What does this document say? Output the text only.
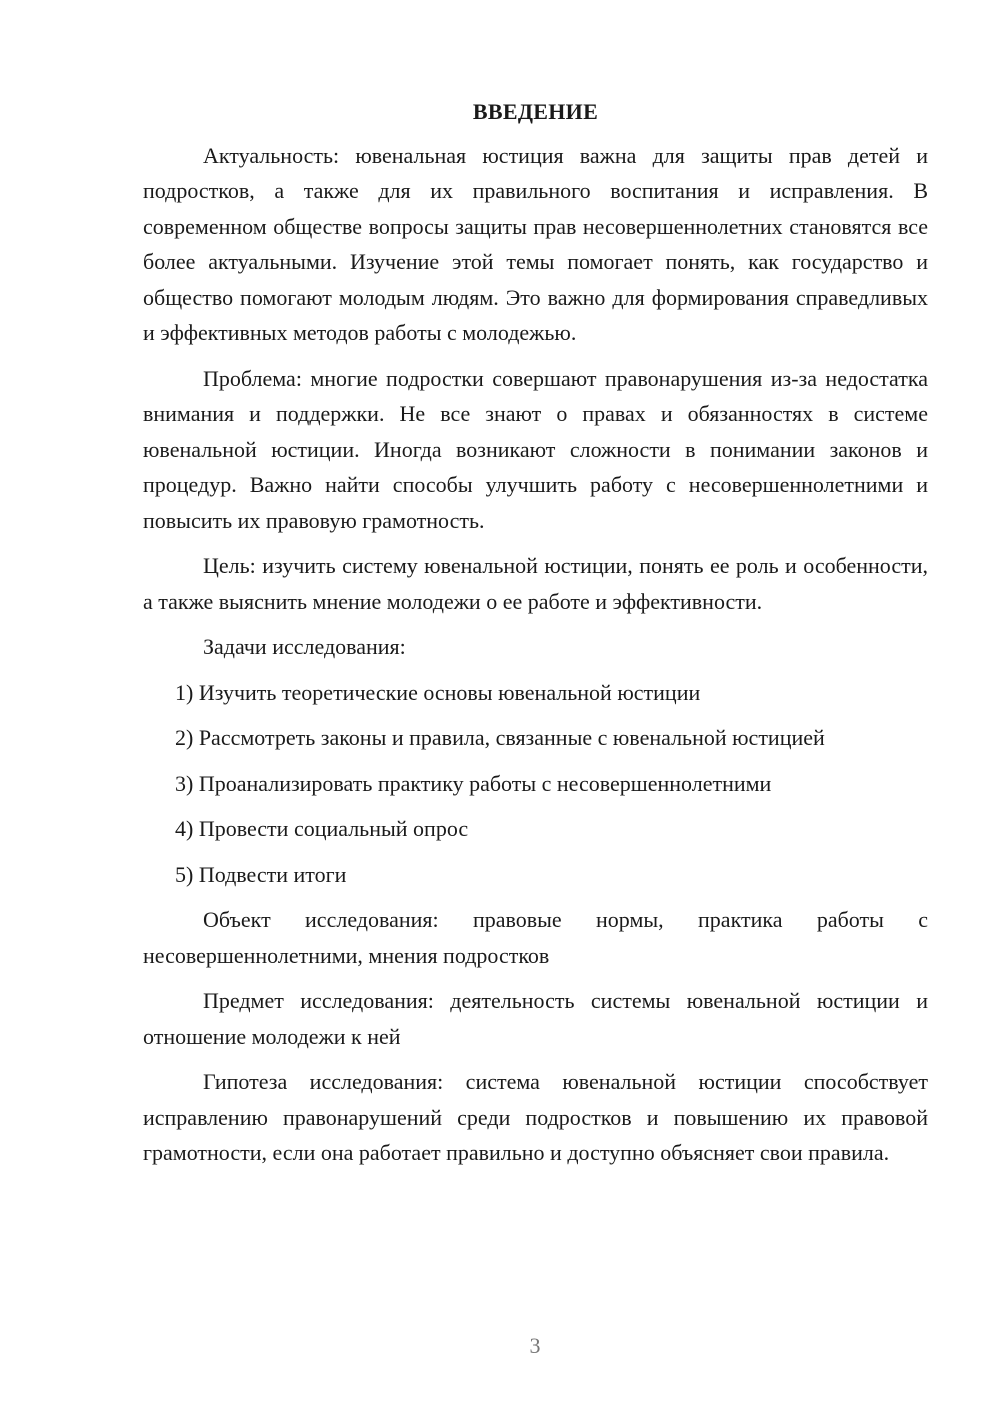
ВВЕДЕНИЕ

Актуальность: ювенальная юстиция важна для защиты прав детей и подростков, а также для их правильного воспитания и исправления. В современном обществе вопросы защиты прав несовершеннолетних становятся все более актуальными. Изучение этой темы помогает понять, как государство и общество помогают молодым людям. Это важно для формирования справедливых и эффективных методов работы с молодежью.

Проблема: многие подростки совершают правонарушения из-за недостатка внимания и поддержки. Не все знают о правах и обязанностях в системе ювенальной юстиции. Иногда возникают сложности в понимании законов и процедур. Важно найти способы улучшить работу с несовершеннолетними и повысить их правовую грамотность.

Цель: изучить систему ювенальной юстиции, понять ее роль и особенности, а также выяснить мнение молодежи о ее работе и эффективности.

Задачи исследования:

1) Изучить теоретические основы ювенальной юстиции
2) Рассмотреть законы и правила, связанные с ювенальной юстицией
3) Проанализировать практику работы с несовершеннолетними
4) Провести социальный опрос
5) Подвести итоги

Объект исследования: правовые нормы, практика работы с несовершеннолетними, мнения подростков

Предмет исследования: деятельность системы ювенальной юстиции и отношение молодежи к ней

Гипотеза исследования: система ювенальной юстиции способствует исправлению правонарушений среди подростков и повышению их правовой грамотности, если она работает правильно и доступно объясняет свои правила.

3
